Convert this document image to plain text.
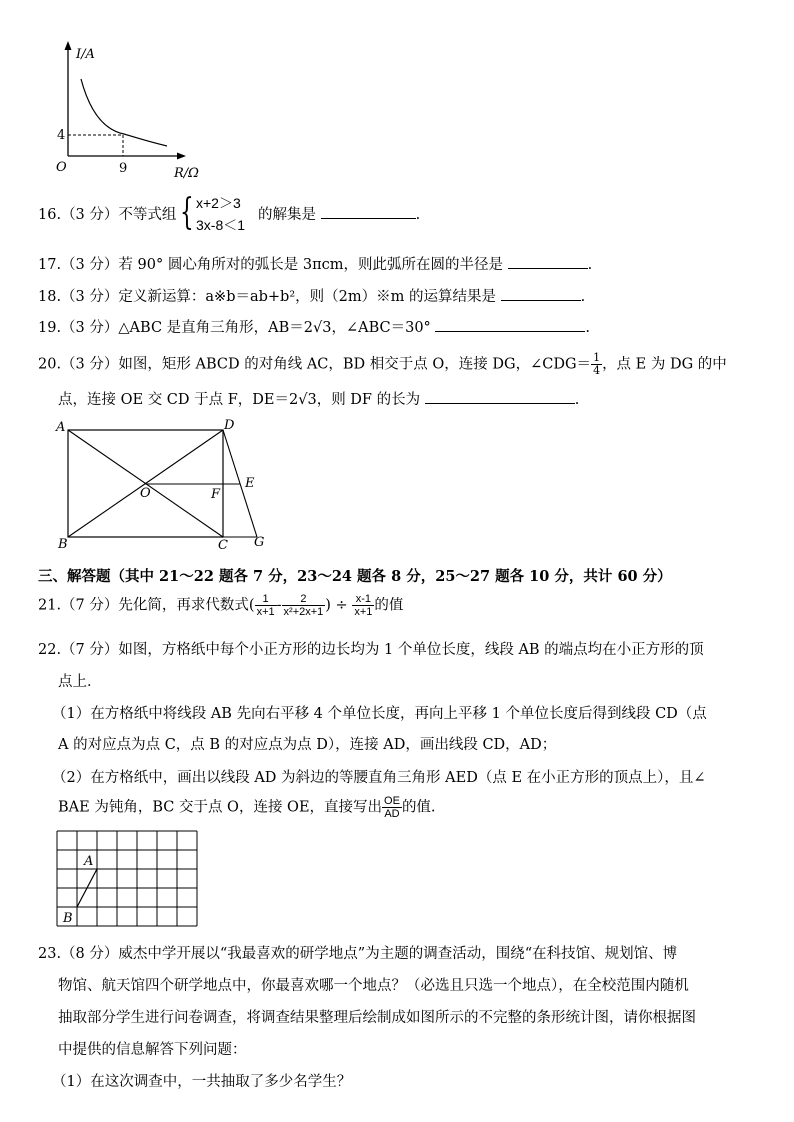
I/A
R/Ω
O
4
9
16.（3 分）不等式组 { x+2＞3
3x-8＜1
的解集是	.
17.（3 分）若 90° 圆心角所对的弧长是 3πcm，则此弧所在圆的半径是	.
18.（3 分）定义新运算：a※b＝ab+b²，则（2m）※m 的运算结果是	.
19.（3 分）△ABC 是直角三角形，AB＝2√3，∠ABC＝30°	.
20.（3 分）如图，矩形 ABCD 的对角线 AC，BD 相交于点 O，连接 DG，∠CDG＝ $\frac{1}{4}$ ，点 E 为 DG 的中
点，连接 OE 交 CD 于点 F，DE＝2√3，则 DF 的长为	.
A	D
O	F
E
B	C G
三、解答题（其中 21～22 题各 7 分，23～24 题各 8 分，25～27 题各 10 分，共计 60 分）
21.（7 分）先化简，再求代数式( $\frac{1}{x+1} - \frac{2}{\text{x²+2x+1}}$ ) ÷ $\frac{x-1}{x+1}$ 的值
22.（7 分）如图，方格纸中每个小正方形的边长均为 1 个单位长度，线段 AB 的端点均在小正方形的顶
点上．
（1）在方格纸中将线段 AB 先向右平移 4 个单位长度，再向上平移 1 个单位长度后得到线段 CD（点
A 的对应点为点 C，点 B 的对应点为点 D），连接 AD，画出线段 CD，AD；
（2）在方格纸中，画出以线段 AD 为斜边的等腰直角三角形 AED（点 E 在小正方形的顶点上），且∠
BAE 为钝角，BC 交于点 O，连接 OE，直接写出 $\frac{OE}{AD}$ 的值.
A
B
23.（8 分）威杰中学开展以“我最喜欢的研学地点”为主题的调查活动，围绕“在科技馆、规划馆、博
物馆、航天馆四个研学地点中，你最喜欢哪一个地点？（必选且只选一个地点），在全校范围内随机
抽取部分学生进行问卷调查，将调查结果整理后绘制成如图所示的不完整的条形统计图，请你根据图
中提供的信息解答下列问题：
（1）在这次调查中，一共抽取了多少名学生？
